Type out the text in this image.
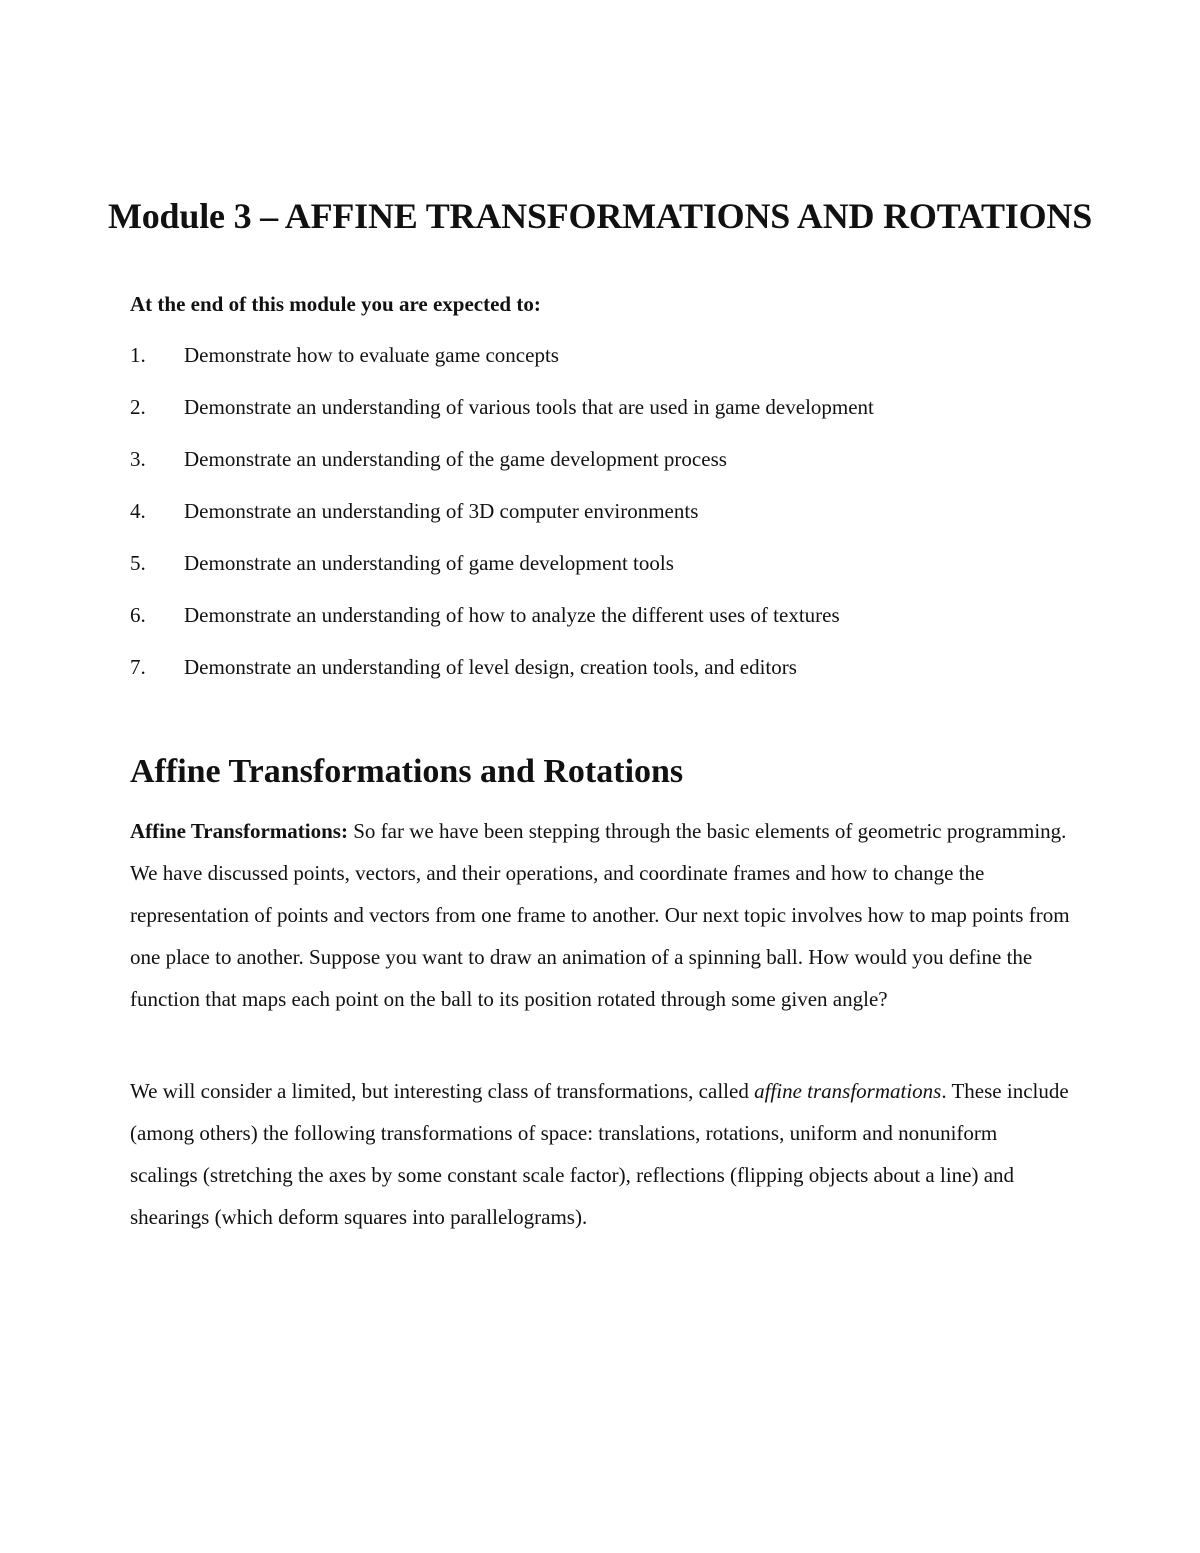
Module 3 – AFFINE TRANSFORMATIONS AND ROTATIONS

At the end of this module you are expected to:

1.	Demonstrate how to evaluate game concepts
2.	Demonstrate an understanding of various tools that are used in game development
3.	Demonstrate an understanding of the game development process
4.	Demonstrate an understanding of 3D computer environments
5.	Demonstrate an understanding of game development tools
6.	Demonstrate an understanding of how to analyze the different uses of textures
7.	Demonstrate an understanding of level design, creation tools, and editors
Affine Transformations and Rotations

Affine Transformations: So far we have been stepping through the basic elements of geometric programming. We have discussed points, vectors, and their operations, and coordinate frames and how to change the representation of points and vectors from one frame to another. Our next topic involves how to map points from one place to another. Suppose you want to draw an animation of a spinning ball. How would you define the function that maps each point on the ball to its position rotated through some given angle?

We will consider a limited, but interesting class of transformations, called affine transformations. These include (among others) the following transformations of space: translations, rotations, uniform and nonuniform scalings (stretching the axes by some constant scale factor), reflections (flipping objects about a line) and shearings (which deform squares into parallelograms).
